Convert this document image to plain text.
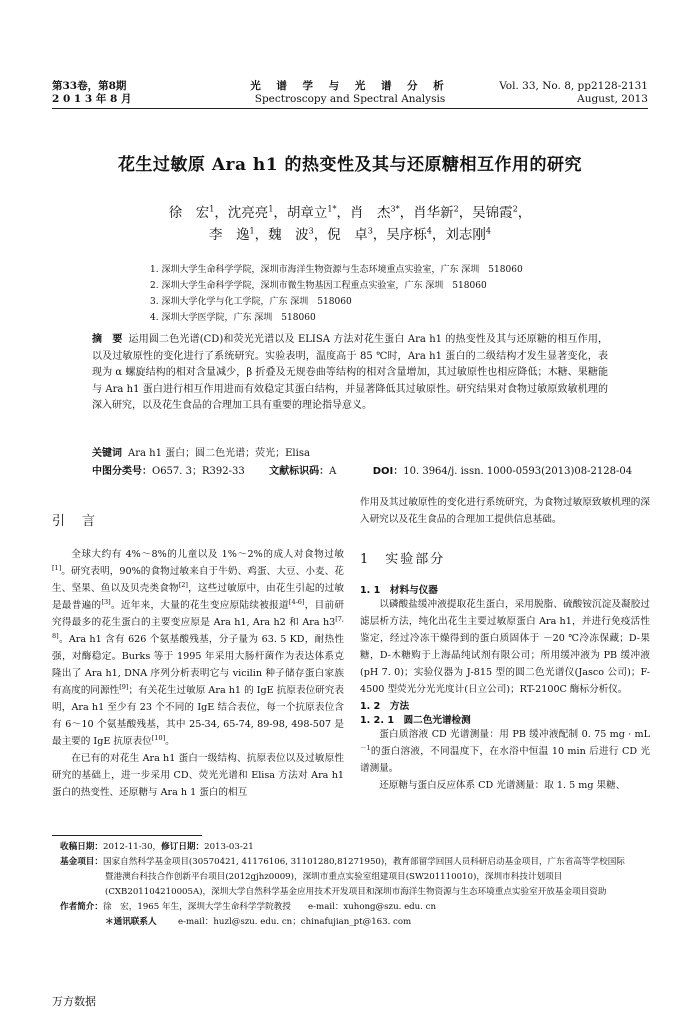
第33卷，第8期
2 0 1 3 年 8 月
光 谱 学 与 光 谱 分 析
Spectroscopy and Spectral Analysis
Vol. 33, No. 8, pp2128-2131
August, 2013
花生过敏原 Ara h1 的热变性及其与还原糖相互作用的研究
徐　宏$^1$，沈亮亮$^1$，胡章立$^{1*}$，肖　杰$^{3*}$，肖华新$^2$，吴锦霞$^2$，
李　逸$^1$，魏　波$^3$，倪　卓$^3$，吴序栎$^4$，刘志刚$^4$
1. 深圳大学生命科学学院，深圳市海洋生物资源与生态环境重点实验室，广东 深圳　518060
2. 深圳大学生命科学学院，深圳市微生物基因工程重点实验室，广东 深圳　518060
3. 深圳大学化学与化工学院，广东 深圳　518060
4. 深圳大学医学院，广东 深圳　518060
摘　要 运用圆二色光谱(CD)和荧光光谱以及 ELISA 方法对花生蛋白 Ara h1 的热变性及其与还原糖的相互作用，以及过敏原性的变化进行了系统研究。实验表明，温度高于 85 ℃时，Ara h1 蛋白的二级结构才发生显著变化，表现为 α 螺旋结构的相对含量减少，β 折叠及无规卷曲等结构的相对含量增加，其过敏原性也相应降低；木糖、果糖能与 Ara h1 蛋白进行相互作用进而有效稳定其蛋白结构，并显著降低其过敏原性。研究结果对食物过敏原致敏机理的深入研究，以及花生食品的合理加工具有重要的理论指导意义。
关键词 Ara h1 蛋白；圆二色光谱；荧光；Elisa
中图分类号：O657. 3；R392-33 文献标识码：A	DOI：10. 3964/j. issn. 1000-0593(2013)08-2128-04
引　言

全球大约有 4%～8%的儿童以及 1%～2%的成人对食物过敏[1]。研究表明，90%的食物过敏来自于牛奶、鸡蛋、大豆、小麦、花生、坚果、鱼以及贝壳类食物[2]，这些过敏原中，由花生引起的过敏是最普遍的[3]。近年来，大量的花生变应原陆续被报道[4-6]，目前研究得最多的花生蛋白的主要变应原是 Ara h1, Ara h2 和 Ara h3[7, 8]。Ara h1 含有 626 个氨基酸残基，分子量为 63. 5 KD，耐热性强，对酶稳定。Burks 等于 1995 年采用大肠杆菌作为表达体系克隆出了 Ara h1, DNA 序列分析表明它与 vicilin 种子储存蛋白家族有高度的同源性[9]；有关花生过敏原 Ara h1 的 IgE 抗原表位研究表明，Ara h1 至少有 23 个不同的 IgE 结合表位，每一个抗原表位含有 6～10 个氨基酸残基，其中 25-34, 65-74, 89-98, 498-507 是最主要的 IgE 抗原表位[10]。

在已有的对花生 Ara h1 蛋白一级结构、抗原表位以及过敏原性研究的基础上，进一步采用 CD、荧光光谱和 Elisa 方法对 Ara h1 蛋白的热变性、还原糖与 Ara h 1 蛋白的相互

作用及其过敏原性的变化进行系统研究，为食物过敏原致敏机理的深入研究以及花生食品的合理加工提供信息基础。

1　实验部分
1. 1　材料与仪器

以磷酸盐缓冲液提取花生蛋白，采用脱脂、硫酸铵沉淀及凝胶过滤层析方法，纯化出花生主要过敏原蛋白 Ara h1，并进行免疫活性鉴定，经过冷冻干燥得到的蛋白质固体于 －20 ℃冷冻保藏；D-果糖，D-木糖购于上海晶纯试剂有限公司；所用缓冲液为 PB 缓冲液(pH 7. 0)；实验仪器为 J-815 型的圆二色光谱仪(Jasco 公司)；F-4500 型荧光分光光度计(日立公司)；RT-2100C 酶标分析仪。

1. 2　方法
1. 2. 1　圆二色光谱检测

蛋白质溶液 CD 光谱测量：用 PB 缓冲液配制 0. 75 mg · $mL^{-1}$的蛋白溶液，不同温度下，在水浴中恒温 10 min 后进行 CD 光谱测量。

还原糖与蛋白反应体系 CD 光谱测量：取 1. 5 mg 果糖、

收稿日期：2012-11-30，修订日期：2013-03-21
基金项目：国家自然科学基金项目(30570421, 41176106, 31101280,81271950)，教育部留学回国人员科研启动基金项目，广东省高等学校国际
暨港澳台科技合作创新平台项目(2012gjhz0009)，深圳市重点实验室组建项目(SW201110010)，深圳市科技计划项目
(CXB201104210005A)，深圳大学自然科学基金应用技术开发项目和深圳市海洋生物资源与生态环境重点实验室开放基金项目资助
作者简介：徐　宏，1965 年生，深圳大学生命科学学院教授　　e-mail：xuhong@szu. edu. cn
＊通讯联系人 e-mail：huzl@szu. edu. cn；chinafujian_pt@163. com
万方数据
